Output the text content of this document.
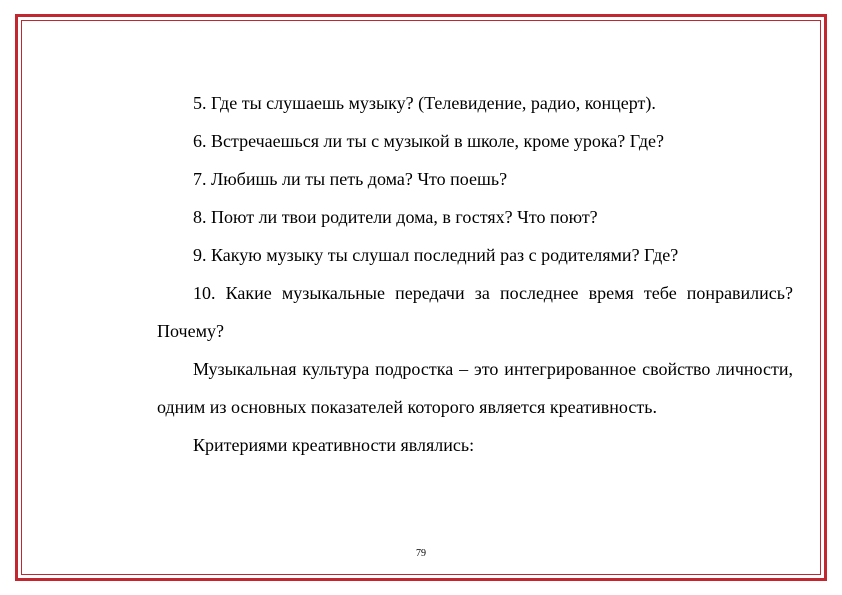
5. Где ты слушаешь музыку? (Телевидение, радио, концерт).

6. Встречаешься ли ты с музыкой в школе, кроме урока? Где?

7. Любишь ли ты петь дома? Что поешь?

8. Поют ли твои родители дома, в гостях? Что поют?

9. Какую музыку ты слушал последний раз с родителями? Где?

10. Какие музыкальные передачи за последнее время тебе понравились? Почему?

Музыкальная культура подростка – это интегрированное свойство личности, одним из основных показателей которого является креативность.

Критериями креативности являлись:

79
